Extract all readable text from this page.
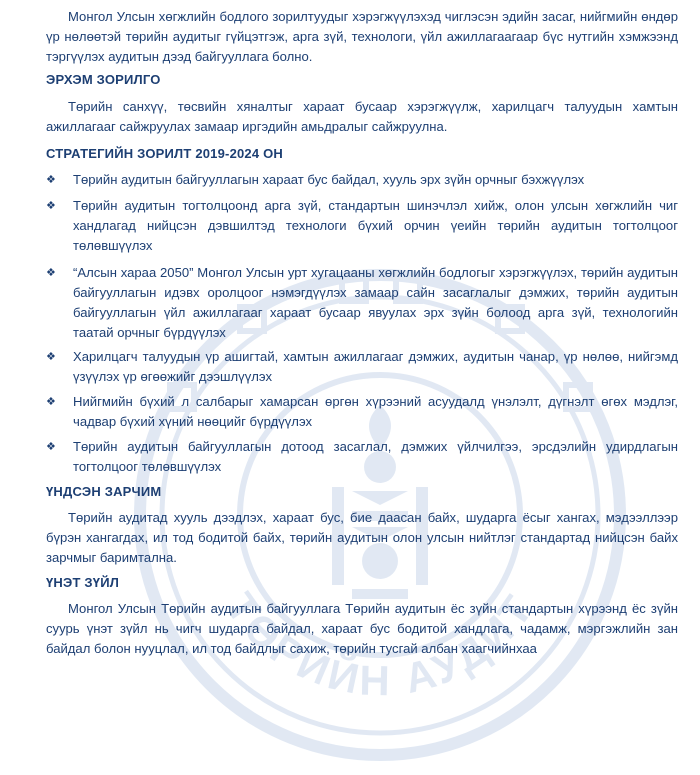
ТӨРИЙН АУДИТ

Монгол Улсын хөгжлийн бодлого зорилтуудыг хэрэгжүүлэхэд чиглэсэн эдийн засаг, нийгмийн өндөр үр нөлөөтэй төрийн аудитыг гүйцэтгэж, арга зүй, технологи, үйл ажиллагаагаар бүс нутгийн хэмжээнд тэргүүлэх аудитын дээд байгууллага болно.

ЭРХЭМ ЗОРИЛГО

Төрийн санхүү, төсвийн хяналтыг хараат бусаар хэрэгжүүлж, харилцагч талуудын хамтын ажиллагааг сайжруулах замаар иргэдийн амьдралыг сайжруулна.

СТРАТЕГИЙН ЗОРИЛТ 2019-2024 ОН
❖	Төрийн аудитын байгууллагын хараат бус байдал, хууль эрх зүйн орчныг бэхжүүлэх
❖	Төрийн аудитын тогтолцоонд арга зүй, стандартын шинэчлэл хийж, олон улсын хөгжлийн чиг хандлагад нийцсэн дэвшилтэд технологи бүхий орчин үеийн төрийн аудитын тогтолцоог төлөвшүүлэх
❖	“Алсын хараа 2050” Монгол Улсын урт хугацааны хөгжлийн бодлогыг хэрэгжүүлэх, төрийн аудитын байгууллагын идэвх оролцоог нэмэгдүүлэх замаар сайн засаглалыг дэмжих, төрийн аудитын байгууллагын үйл ажиллагааг хараат бусаар явуулах эрх зүйн болоод арга зүй, технологийн таатай орчныг бүрдүүлэх
❖	Харилцагч талуудын үр ашигтай, хамтын ажиллагааг дэмжих, аудитын чанар, үр нөлөө, нийгэмд үзүүлэх үр өгөөжийг дээшлүүлэх
❖	Нийгмийн бүхий л салбарыг хамарсан өргөн хүрээний асуудалд үнэлэлт, дүгнэлт өгөх мэдлэг, чадвар бүхий хүний нөөцийг бүрдүүлэх
❖	Төрийн аудитын байгууллагын дотоод засаглал, дэмжих үйлчилгээ, эрсдэлийн удирдлагын тогтолцоог төлөвшүүлэх
ҮНДСЭН ЗАРЧИМ

Төрийн аудитад хууль дээдлэх, хараат бус, бие даасан байх, шударга ёсыг хангах, мэдээллээр бүрэн хангагдах, ил тод бодитой байх, төрийн аудитын олон улсын нийтлэг стандартад нийцсэн байх зарчмыг баримтална.

ҮНЭТ ЗҮЙЛ

Монгол Улсын Төрийн аудитын байгууллага Төрийн аудитын ёс зүйн стандартын хүрээнд ёс зүйн суурь үнэт зүйл нь чигч шударга байдал, хараат бус бодитой хандлага, чадамж, мэргэжлийн зан байдал болон нууцлал, ил тод байдлыг сахиж, төрийн тусгай албан хаагчийнхаа
